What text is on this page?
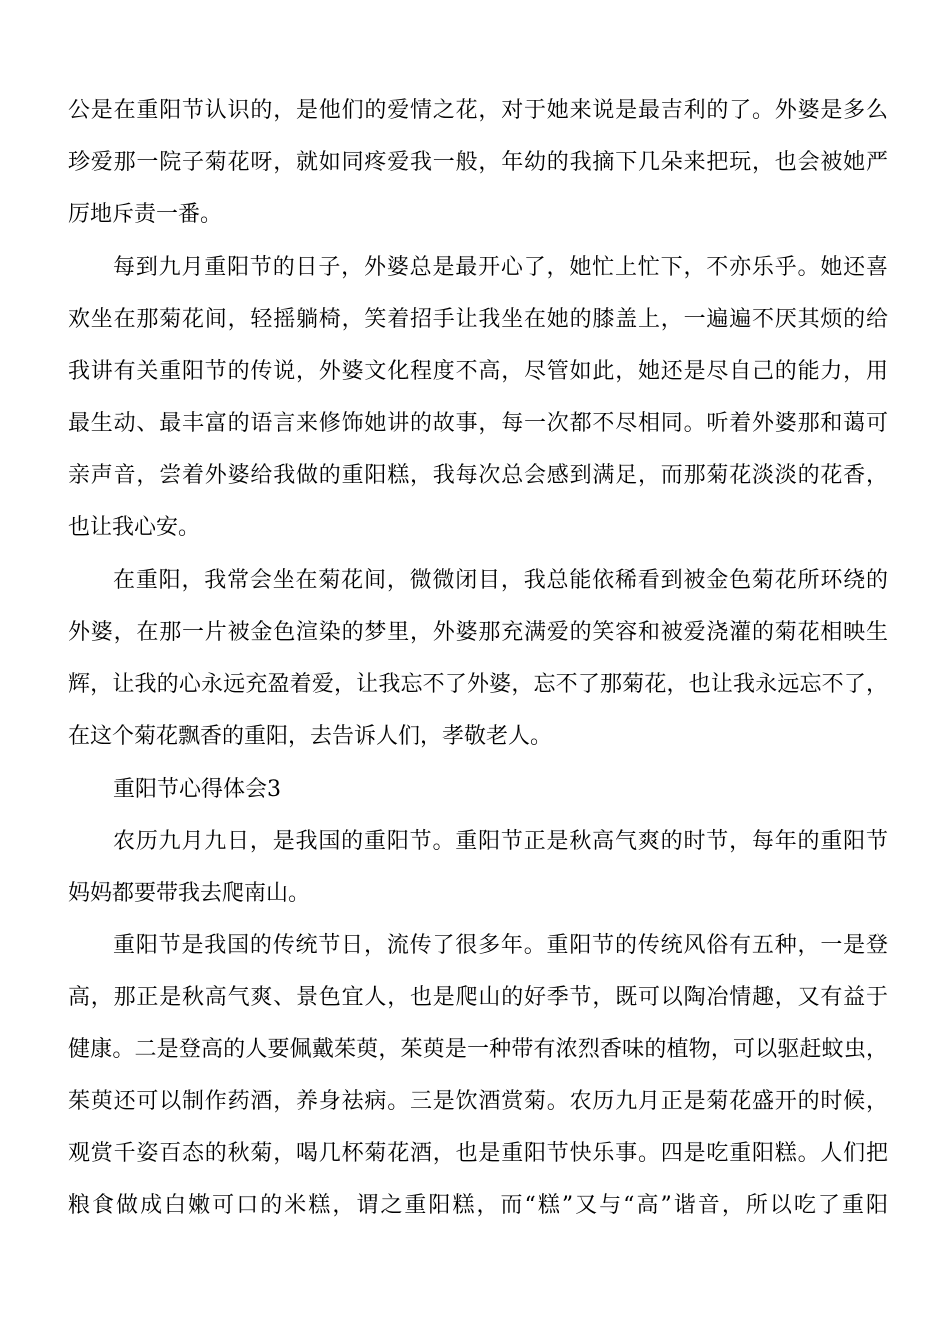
公是在重阳节认识的，是他们的爱情之花，对于她来说是最吉利的了。外婆是多么
珍爱那一院子菊花呀，就如同疼爱我一般，年幼的我摘下几朵来把玩，也会被她严
厉地斥责一番。
每到九月重阳节的日子，外婆总是最开心了，她忙上忙下，不亦乐乎。她还喜
欢坐在那菊花间，轻摇躺椅，笑着招手让我坐在她的膝盖上，一遍遍不厌其烦的给
我讲有关重阳节的传说，外婆文化程度不高，尽管如此，她还是尽自己的能力，用
最生动、最丰富的语言来修饰她讲的故事，每一次都不尽相同。听着外婆那和蔼可
亲声音，尝着外婆给我做的重阳糕，我每次总会感到满足，而那菊花淡淡的花香，
也让我心安。
在重阳，我常会坐在菊花间，微微闭目，我总能依稀看到被金色菊花所环绕的
外婆，在那一片被金色渲染的梦里，外婆那充满爱的笑容和被爱浇灌的菊花相映生
辉，让我的心永远充盈着爱，让我忘不了外婆，忘不了那菊花，也让我永远忘不了，
在这个菊花飘香的重阳，去告诉人们，孝敬老人。
重阳节心得体会3
农历九月九日，是我国的重阳节。重阳节正是秋高气爽的时节，每年的重阳节
妈妈都要带我去爬南山。
重阳节是我国的传统节日，流传了很多年。重阳节的传统风俗有五种，一是登
高，那正是秋高气爽、景色宜人，也是爬山的好季节，既可以陶冶情趣，又有益于
健康。二是登高的人要佩戴茱萸，茱萸是一种带有浓烈香味的植物，可以驱赶蚊虫，
茱萸还可以制作药酒，养身祛病。三是饮酒赏菊。农历九月正是菊花盛开的时候，
观赏千姿百态的秋菊，喝几杯菊花酒，也是重阳节快乐事。四是吃重阳糕。人们把
粮食做成白嫩可口的米糕，谓之重阳糕，而“糕”又与“高”谐音，所以吃了重阳
